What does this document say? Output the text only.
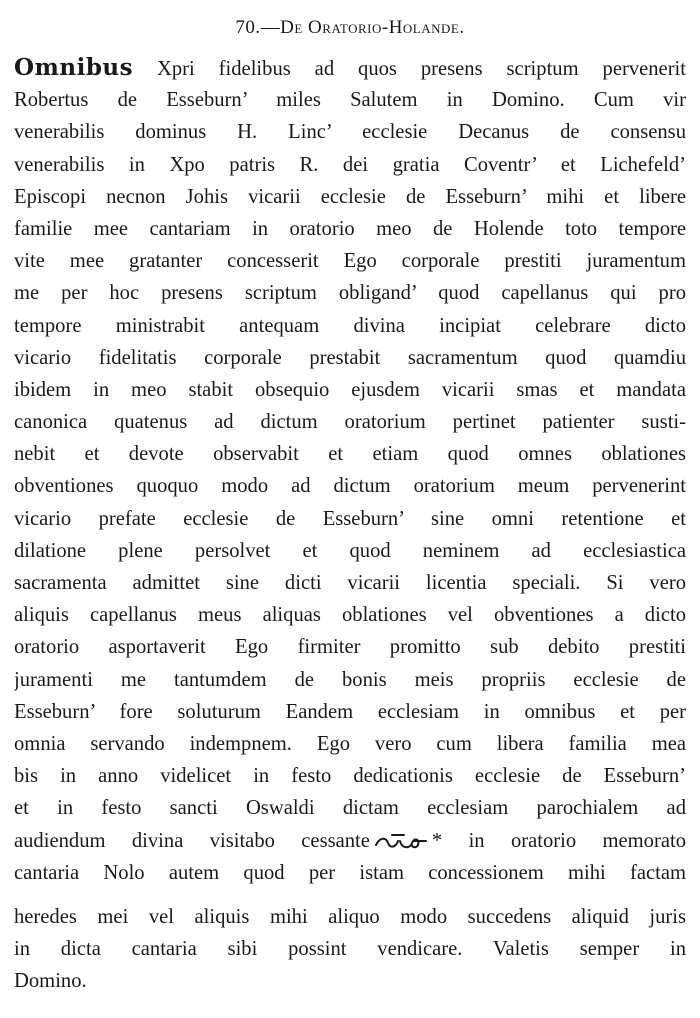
70.—De Oratorio-Holande.
Omnibus Xpri fidelibus ad quos presens scriptum pervenerit
Robertus de Esseburn’ miles Salutem in Domino. Cum vir
venerabilis dominus H. Linc’ ecclesie Decanus de consensu
venerabilis in Xpo patris R. dei gratia Coventr’ et Lichefeld’
Episcopi necnon Johis vicarii ecclesie de Esseburn’ mihi et libere
familie mee cantariam in oratorio meo de Holende toto tempore
vite mee gratanter concesserit Ego corporale prestiti juramentum
me per hoc presens scriptum obligand’ quod capellanus qui pro
tempore ministrabit antequam divina incipiat celebrare dicto
vicario fidelitatis corporale prestabit sacramentum quod quamdiu
ibidem in meo stabit obsequio ejusdem vicarii smas et mandata
canonica quatenus ad dictum oratorium pertinet patienter susti-
nebit et devote observabit et etiam quod omnes oblationes
obventiones quoquo modo ad dictum oratorium meum pervenerint
vicario prefate ecclesie de Esseburn’ sine omni retentione et
dilatione plene persolvet et quod neminem ad ecclesiastica
sacramenta admittet sine dicti vicarii licentia speciali. Si vero
aliquis capellanus meus aliquas oblationes vel obventiones a dicto
oratorio asportaverit Ego firmiter promitto sub debito prestiti
juramenti me tantumdem de bonis meis propriis ecclesie de
Esseburn’ fore soluturum Eandem ecclesiam in omnibus et per
omnia servando indempnem. Ego vero cum libera familia mea
bis in anno videlicet in festo dedicationis ecclesie de Esseburn’
et in festo sancti Oswaldi dictam ecclesiam parochialem ad
audiendum divina visitabo cessante	* in oratorio memorato
cantaria Nolo autem quod per istam concessionem mihi factam
heredes mei vel aliquis mihi aliquo modo succedens aliquid juris
in dicta cantaria sibi possint vendicare. Valetis semper in
Domino.
